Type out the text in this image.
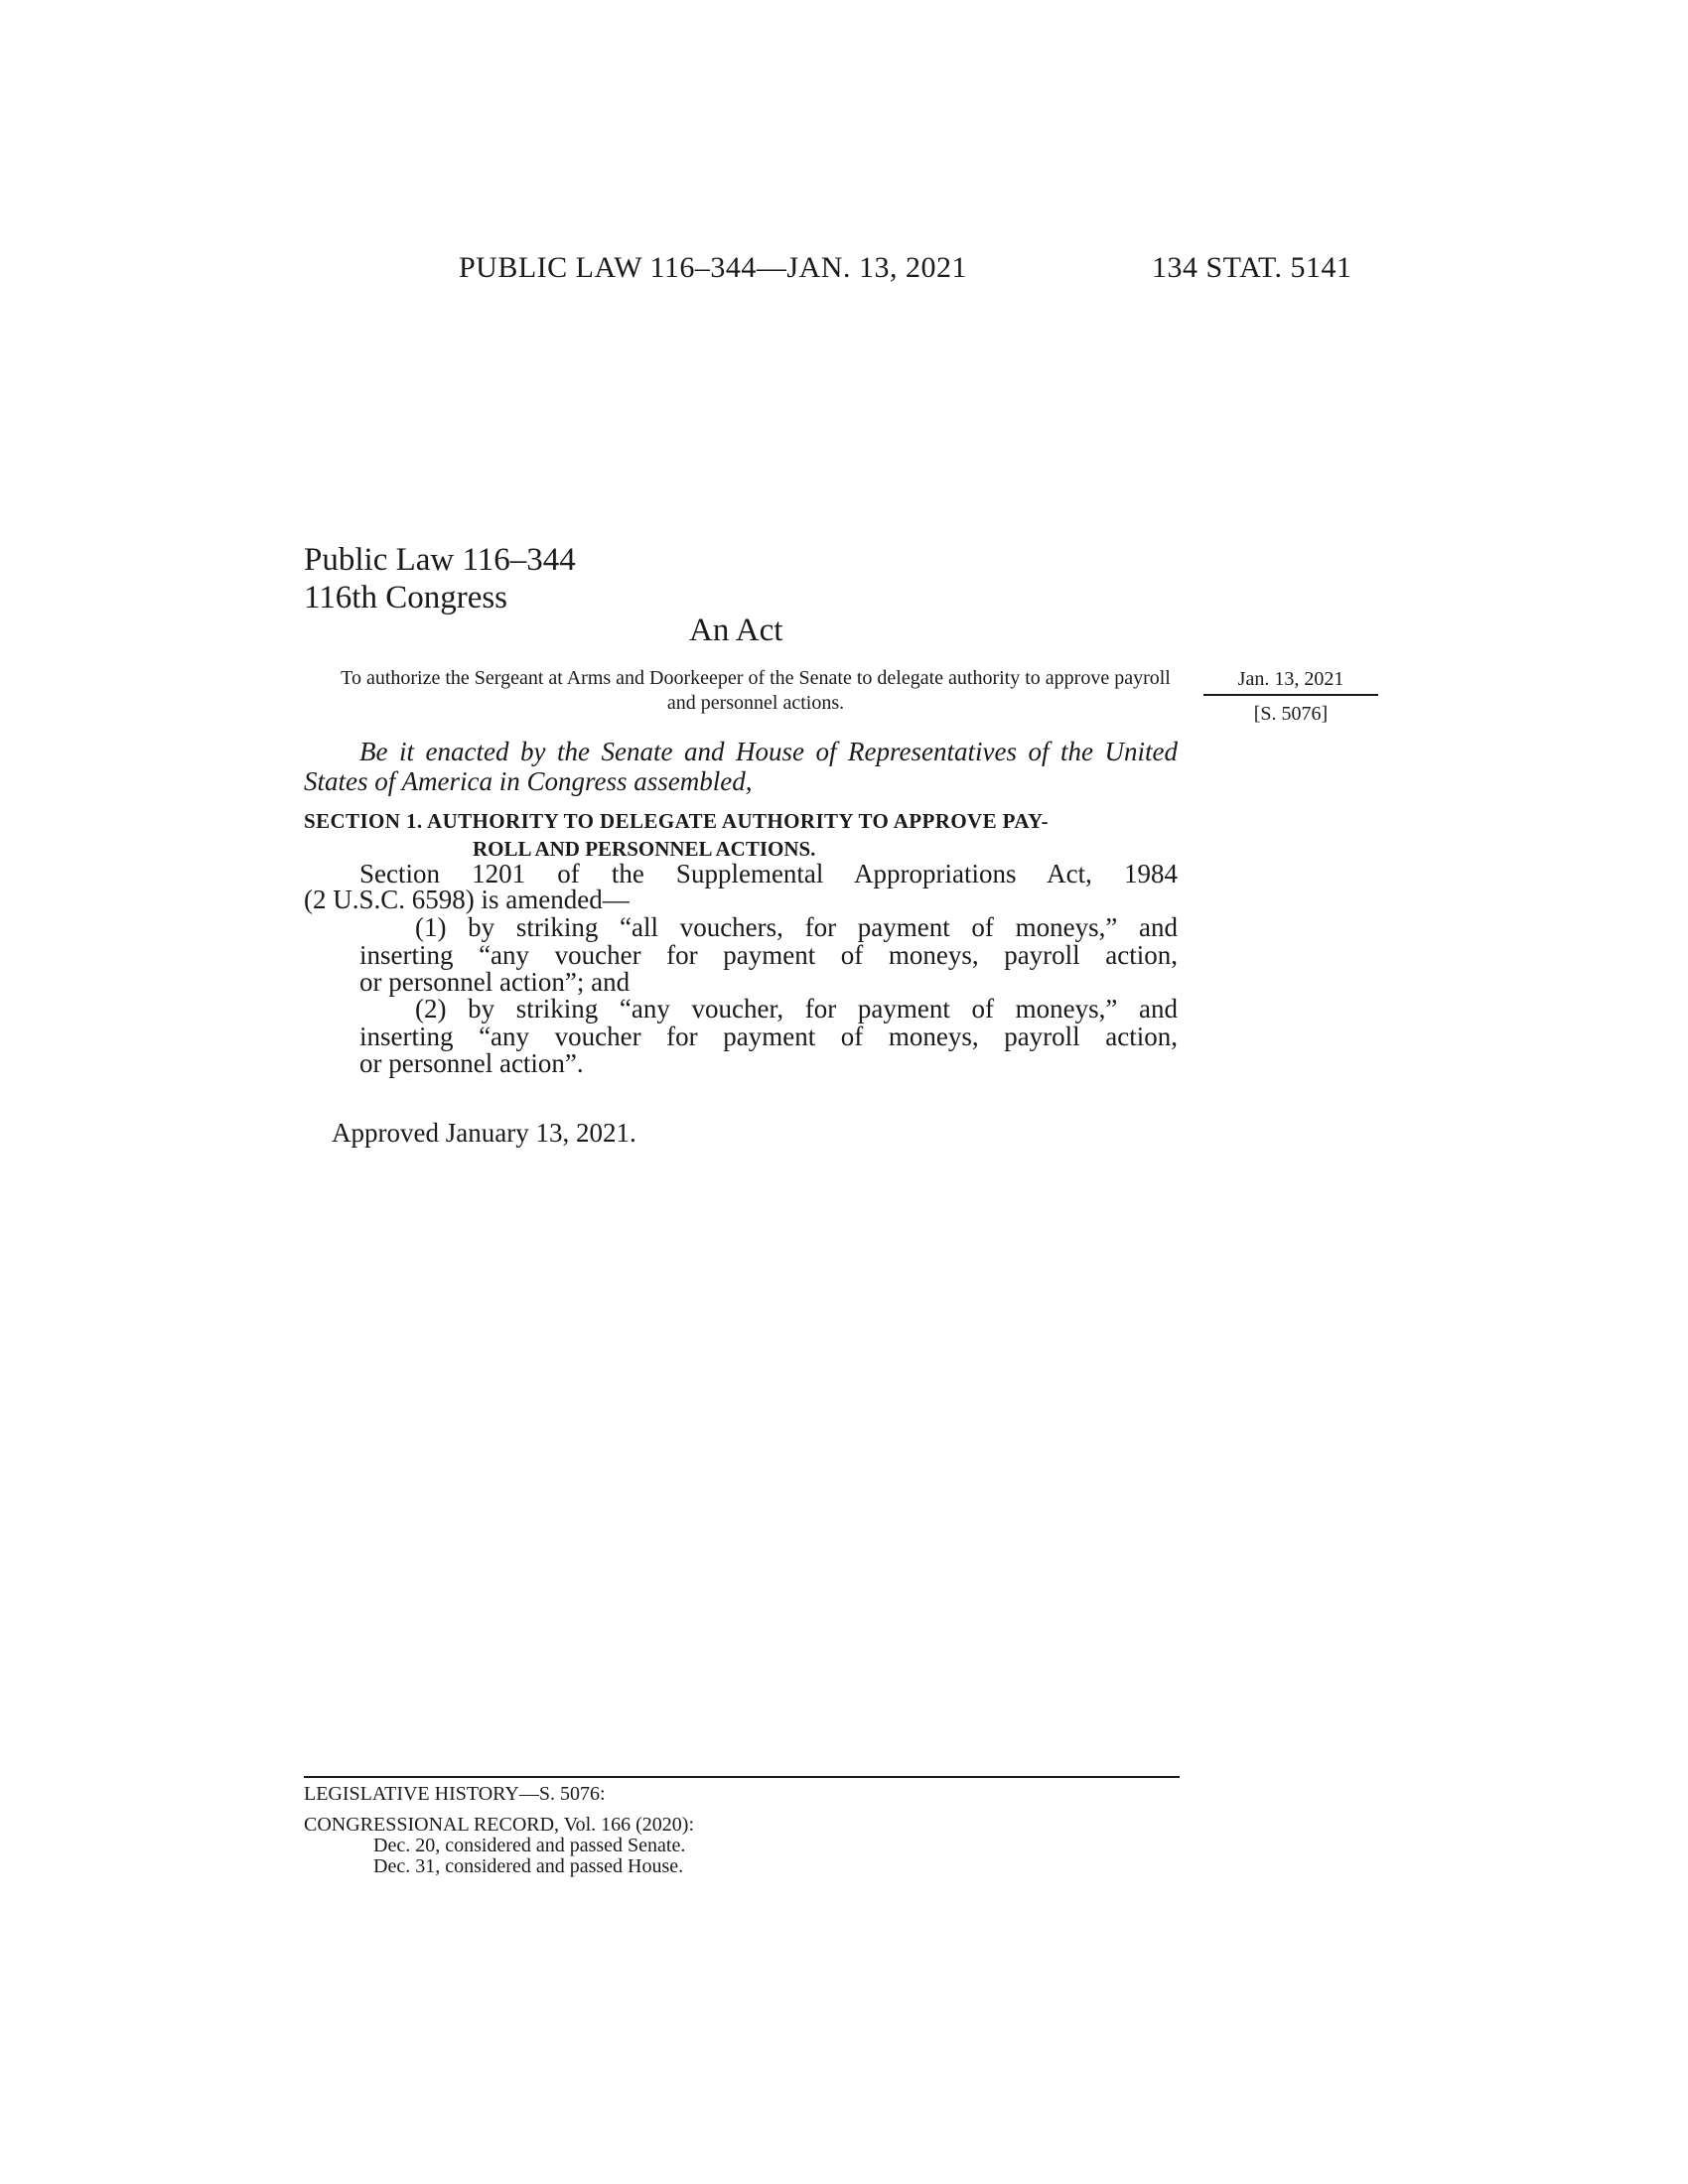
PUBLIC LAW 116–344—JAN. 13, 2021	134 STAT. 5141
Public Law 116–344
116th Congress
An Act
To authorize the Sergeant at Arms and Doorkeeper of the Senate to delegate authority to approve payroll and personnel actions.
Jan. 13, 2021
[S. 5076]
Be it enacted by the Senate and House of Representatives of the United States of America in Congress assembled,
SECTION 1. AUTHORITY TO DELEGATE AUTHORITY TO APPROVE PAY-
ROLL AND PERSONNEL ACTIONS.
Section 1201 of the Supplemental Appropriations Act, 1984
(2 U.S.C. 6598) is amended—
(1) by striking “all vouchers, for payment of moneys,” and
inserting “any voucher for payment of moneys, payroll action,
or personnel action”; and
(2) by striking “any voucher, for payment of moneys,” and
inserting “any voucher for payment of moneys, payroll action,
or personnel action”.
Approved January 13, 2021.
LEGISLATIVE HISTORY—S. 5076:
CONGRESSIONAL RECORD, Vol. 166 (2020):
Dec. 20, considered and passed Senate.
Dec. 31, considered and passed House.
